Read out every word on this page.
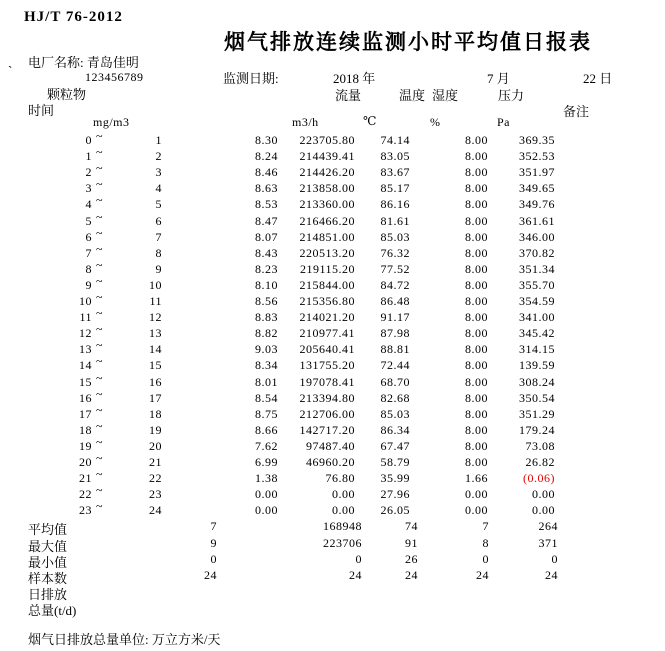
HJ/T 76-2012
烟气排放连续监测小时平均值日报表
电厂名称: 青岛佳明
`	123456789	监测日期:	2018 年	7 月	22 日
颗粒物	流量	温度 湿度	压力
时间	备注
mg/m3	m3/h	℃	%	Pa
0 ~	1	8.30	223705.80	74.14	8.00	369.35
1 ~	2	8.24	214439.41	83.05	8.00	352.53
2 ~	3	8.46	214426.20	83.67	8.00	351.97
3 ~	4	8.63	213858.00	85.17	8.00	349.65
4 ~	5	8.53	213360.00	86.16	8.00	349.76
5 ~	6	8.47	216466.20	81.61	8.00	361.61
6 ~	7	8.07	214851.00	85.03	8.00	346.00
7 ~	8	8.43	220513.20	76.32	8.00	370.82
8 ~	9	8.23	219115.20	77.52	8.00	351.34
9 ~	10	8.10	215844.00	84.72	8.00	355.70
10 ~	11	8.56	215356.80	86.48	8.00	354.59
11 ~	12	8.83	214021.20	91.17	8.00	341.00
12 ~	13	8.82	210977.41	87.98	8.00	345.42
13 ~	14	9.03	205640.41	88.81	8.00	314.15
14 ~	15	8.34	131755.20	72.44	8.00	139.59
15 ~	16	8.01	197078.41	68.70	8.00	308.24
16 ~	17	8.54	213394.80	82.68	8.00	350.54
17 ~	18	8.75	212706.00	85.03	8.00	351.29
18 ~	19	8.66	142717.20	86.34	8.00	179.24
19 ~	20	7.62	97487.40	67.47	8.00	73.08
20 ~	21	6.99	46960.20	58.79	8.00	26.82
21 ~	22	1.38	76.80	35.99	1.66	(0.06)
22 ~	23	0.00	0.00	27.96	0.00	0.00
23 ~	24	0.00	0.00	26.05	0.00	0.00
平均值	7	168948	74	7	264
最大值	9	223706	91	8	371
最小值	0	0	26	0	0
样本数	24	24	24	24	24
日排放
总量(t/d)
烟气日排放总量单位: 万立方米/天
